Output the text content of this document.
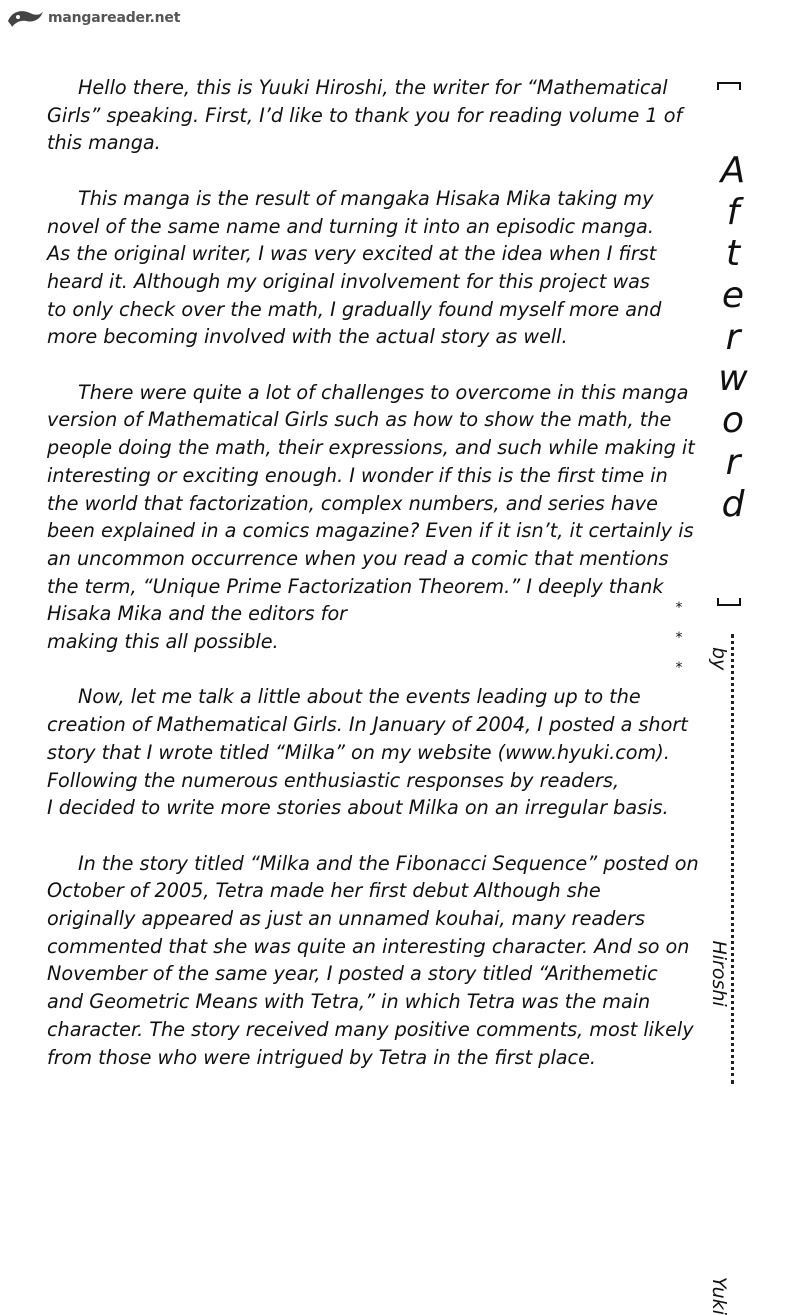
mangareader.net

Hello there, this is Yuuki Hiroshi, the writer for “Mathematical
Girls” speaking. First, I’d like to thank you for reading volume 1 of
this manga.

This manga is the result of mangaka Hisaka Mika taking my
novel of the same name and turning it into an episodic manga.
As the original writer, I was very excited at the idea when I first
heard it. Although my original involvement for this project was
to only check over the math, I gradually found myself more and
more becoming involved with the actual story as well.

There were quite a lot of challenges to overcome in this manga
version of Mathematical Girls such as how to show the math, the
people doing the math, their expressions, and such while making it
interesting or exciting enough. I wonder if this is the first time in
the world that factorization, complex numbers, and series have
been explained in a comics magazine? Even if it isn’t, it certainly is
an uncommon occurrence when you read a comic that mentions
the term, “Unique Prime Factorization Theorem.” I deeply thank
Hisaka Mika and the editors for
making this all possible.

Now, let me talk a little about the events leading up to the
creation of Mathematical Girls. In January of 2004, I posted a short
story that I wrote titled “Milka” on my website (www.hyuki.com).
Following the numerous enthusiastic responses by readers,
I decided to write more stories about Milka on an irregular basis.

In the story titled “Milka and the Fibonacci Sequence” posted on
October of 2005, Tetra made her first debut Although she
originally appeared as just an unnamed kouhai, many readers
commented that she was quite an interesting character. And so on
November of the same year, I posted a story titled “Arithemetic
and Geometric Means with Tetra,” in which Tetra was the main
character. The story received many positive comments, most likely
from those who were intrigued by Tetra in the first place.

A
f
t
e
r
w
o
r
d
*
*
* by
Hiroshi
Yuki
